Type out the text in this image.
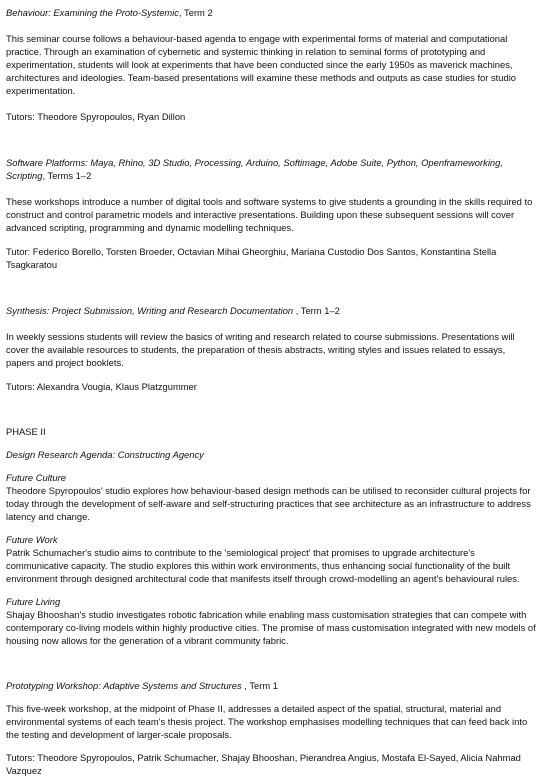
Behaviour: Examining the Proto-Systemic, Term 2

This seminar course follows a behaviour-based agenda to engage with experimental forms of material and computational practice. Through an examination of cybernetic and systemic thinking in relation to seminal forms of prototyping and experimentation, students will look at experiments that have been conducted since the early 1950s as maverick machines, architectures and ideologies. Team-based presentations will examine these methods and outputs as case studies for studio experimentation.

Tutors: Theodore Spyropoulos, Ryan Dillon

Software Platforms: Maya, Rhino, 3D Studio, Processing, Arduino, Softimage, Adobe Suite, Python, Openframeworking, Scripting, Terms 1–2

These workshops introduce a number of digital tools and software systems to give students a grounding in the skills required to construct and control parametric models and interactive presentations. Building upon these subsequent sessions will cover advanced scripting, programming and dynamic modelling techniques.

Tutor: Federico Borello, Torsten Broeder, Octavian Mihai Gheorghiu, Mariana Custodio Dos Santos, Konstantina Stella Tsagkaratou

Synthesis: Project Submission, Writing and Research Documentation , Term 1–2

In weekly sessions students will review the basics of writing and research related to course submissions. Presentations will cover the available resources to students, the preparation of thesis abstracts, writing styles and issues related to essays, papers and project booklets.

Tutors: Alexandra Vougia, Klaus Platzgummer

PHASE II

Design Research Agenda: Constructing Agency

Future Culture

Theodore Spyropoulos' studio explores how behaviour-based design methods can be utilised to reconsider cultural projects for today through the development of self-aware and self-structuring practices that see architecture as an infrastructure to address latency and change.

Future Work

Patrik Schumacher's studio aims to contribute to the 'semiological project' that promises to upgrade architecture's communicative capacity. The studio explores this within work environments, thus enhancing social functionality of the built environment through designed architectural code that manifests itself through crowd-modelling an agent's behavioural rules.

Future Living

Shajay Bhooshan's studio investigates robotic fabrication while enabling mass customisation strategies that can compete with contemporary co-living models within highly productive cities. The promise of mass customisation integrated with new models of housing now allows for the generation of a vibrant community fabric.

Prototyping Workshop: Adaptive Systems and Structures , Term 1

This five-week workshop, at the midpoint of Phase II, addresses a detailed aspect of the spatial, structural, material and environmental systems of each team's thesis project. The workshop emphasises modelling techniques that can feed back into the testing and development of larger-scale proposals.

Tutors: Theodore Spyropoulos, Patrik Schumacher, Shajay Bhooshan, Pierandrea Angius, Mostafa El-Sayed, Alicia Nahmad Vazquez
